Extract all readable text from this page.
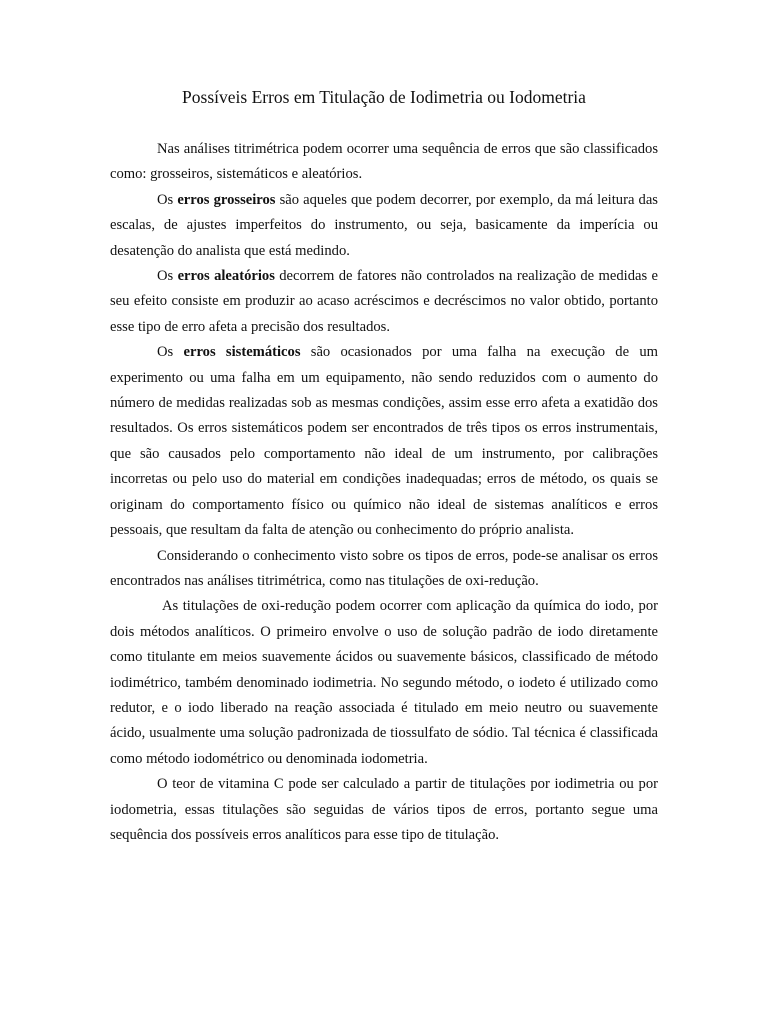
Possíveis Erros em Titulação de Iodimetria ou Iodometria

Nas análises titrimétrica podem ocorrer uma sequência de erros que são classificados como: grosseiros, sistemáticos e aleatórios.

Os erros grosseiros são aqueles que podem decorrer, por exemplo, da má leitura das escalas, de ajustes imperfeitos do instrumento, ou seja, basicamente da imperícia ou desatenção do analista que está medindo.

Os erros aleatórios decorrem de fatores não controlados na realização de medidas e seu efeito consiste em produzir ao acaso acréscimos e decréscimos no valor obtido, portanto esse tipo de erro afeta a precisão dos resultados.

Os erros sistemáticos são ocasionados por uma falha na execução de um experimento ou uma falha em um equipamento, não sendo reduzidos com o aumento do número de medidas realizadas sob as mesmas condições, assim esse erro afeta a exatidão dos resultados. Os erros sistemáticos podem ser encontrados de três tipos os erros instrumentais, que são causados pelo comportamento não ideal de um instrumento, por calibrações incorretas ou pelo uso do material em condições inadequadas; erros de método, os quais se originam do comportamento físico ou químico não ideal de sistemas analíticos e erros pessoais, que resultam da falta de atenção ou conhecimento do próprio analista.

Considerando o conhecimento visto sobre os tipos de erros, pode-se analisar os erros encontrados nas análises titrimétrica, como nas titulações de oxi-redução.

As titulações de oxi-redução podem ocorrer com aplicação da química do iodo, por dois métodos analíticos. O primeiro envolve o uso de solução padrão de iodo diretamente como titulante em meios suavemente ácidos ou suavemente básicos, classificado de método iodimétrico, também denominado iodimetria. No segundo método, o iodeto é utilizado como redutor, e o iodo liberado na reação associada é titulado em meio neutro ou suavemente ácido, usualmente uma solução padronizada de tiossulfato de sódio. Tal técnica é classificada como método iodométrico ou denominada iodometria.

O teor de vitamina C pode ser calculado a partir de titulações por iodimetria ou por iodometria, essas titulações são seguidas de vários tipos de erros, portanto segue uma sequência dos possíveis erros analíticos para esse tipo de titulação.
